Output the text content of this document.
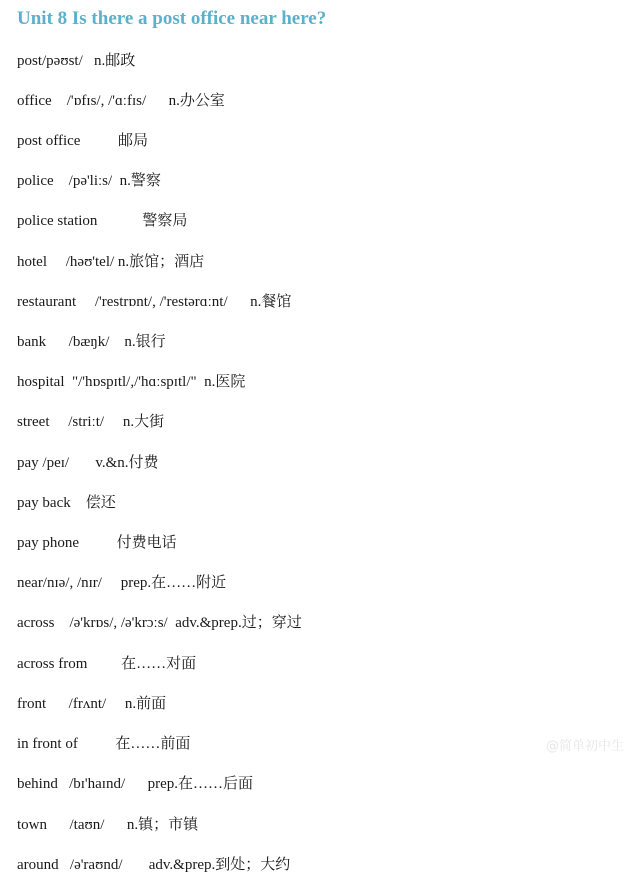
Unit 8 Is there a post office near here?
post/pəʊst/   n.邮政
office    /'ɒfɪs/, /'ɑːfɪs/      n.办公室
post office          邮局
police    /pə'liːs/  n.警察
police station            警察局
hotel     /həʊ'tel/ n.旅馆；酒店
restaurant     /'restrɒnt/, /'restərɑːnt/      n.餐馆
bank      /bæŋk/    n.银行
hospital  "/'hɒspɪtl/,/'hɑːspɪtl/"  n.医院
street     /striːt/     n.大街
pay /peɪ/       v.&n.付费
pay back    偿还
pay phone          付费电话
near/nɪə/, /nɪr/     prep.在……附近
across    /ə'krɒs/, /ə'krɔːs/  adv.&prep.过；穿过
across from         在……对面
front      /frʌnt/     n.前面
in front of          在……前面
behind   /bɪ'haɪnd/      prep.在……后面
town      /taʊn/      n.镇；市镇
around   /ə'raʊnd/       adv.&prep.到处；大约
@简单初中生
